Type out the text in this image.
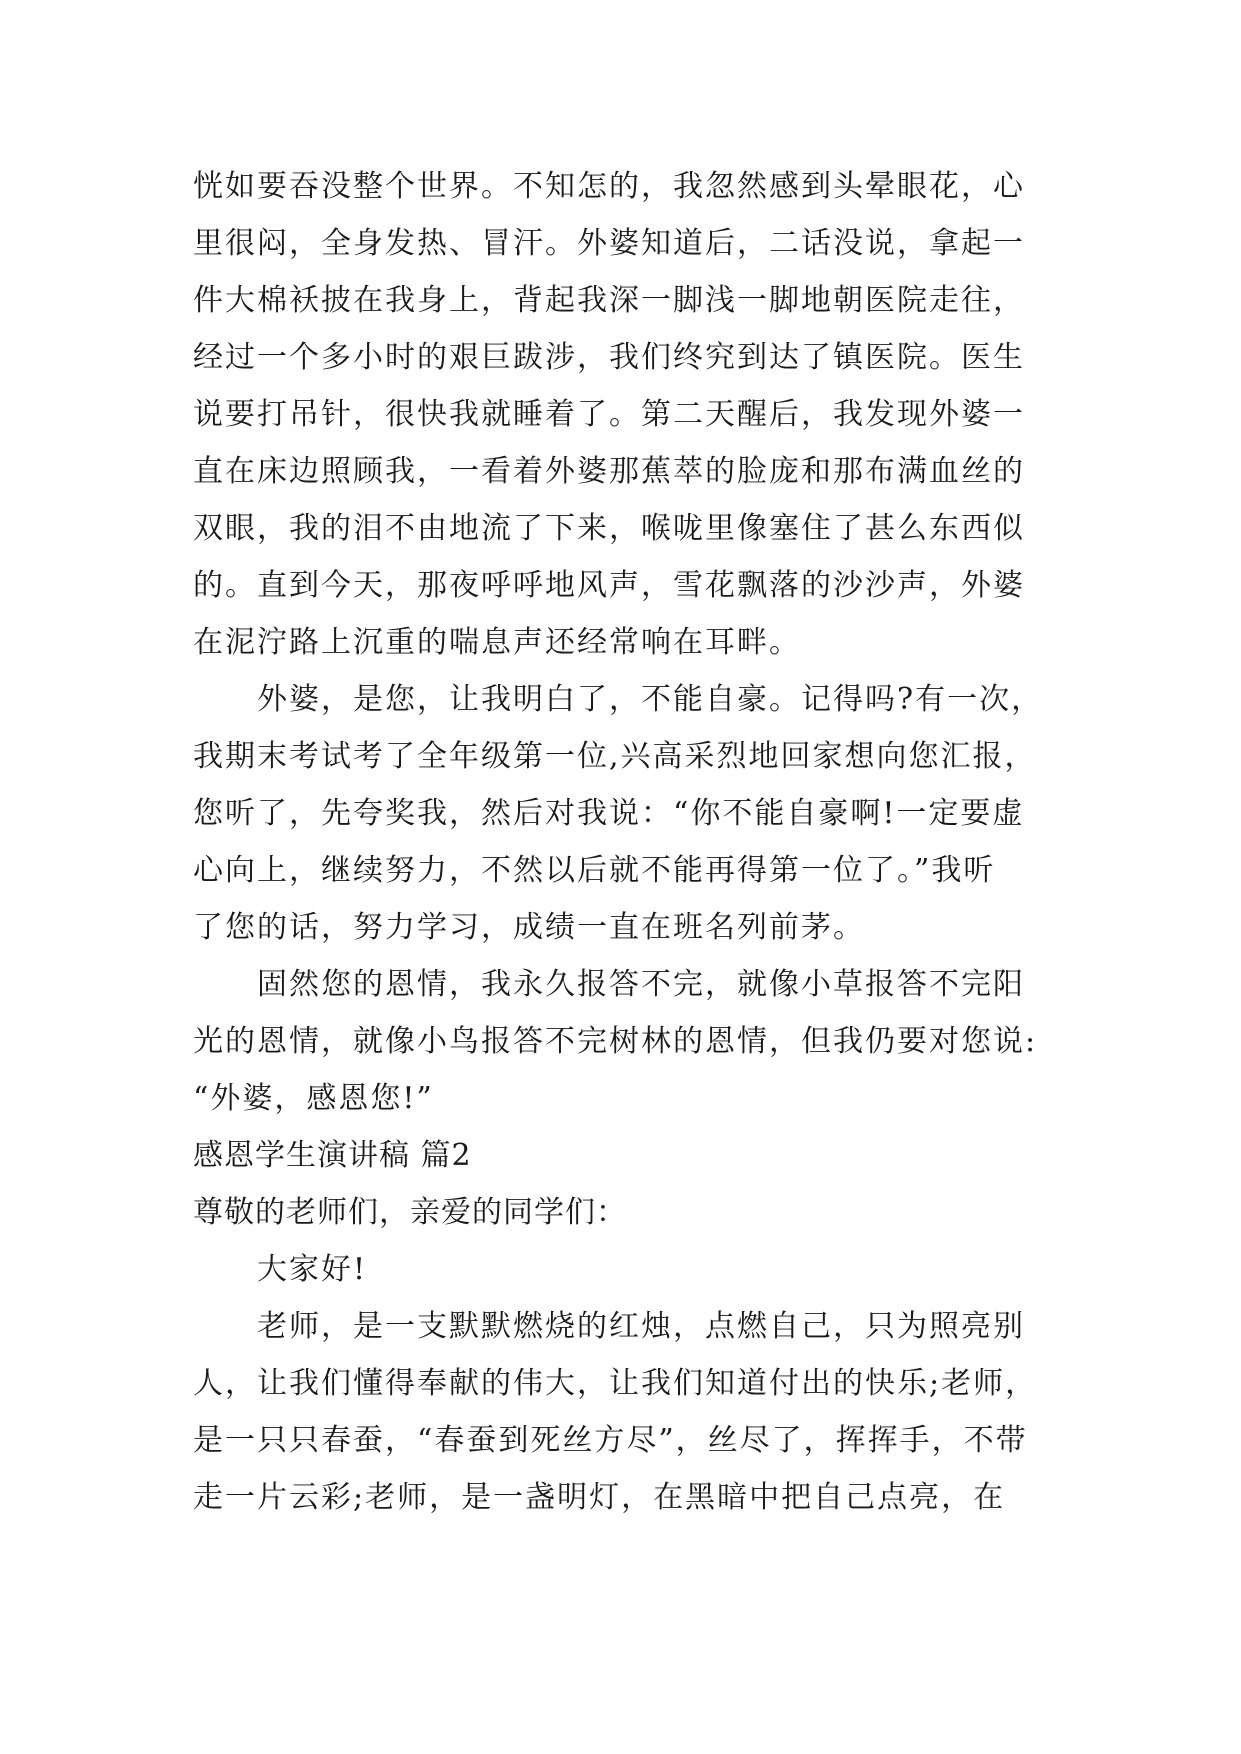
恍如要吞没整个世界。不知怎的，我忽然感到头晕眼花，心
里很闷，全身发热、冒汗。外婆知道后，二话没说，拿起一
件大棉袄披在我身上，背起我深一脚浅一脚地朝医院走往，
经过一个多小时的艰巨跋涉，我们终究到达了镇医院。医生
说要打吊针，很快我就睡着了。第二天醒后，我发现外婆一
直在床边照顾我，一看着外婆那蕉萃的脸庞和那布满血丝的
双眼，我的泪不由地流了下来，喉咙里像塞住了甚么东西似
的。直到今天，那夜呼呼地风声，雪花飘落的沙沙声，外婆
在泥泞路上沉重的喘息声还经常响在耳畔。
外婆，是您，让我明白了，不能自豪。记得吗?有一次，
我期末考试考了全年级第一位,兴高采烈地回家想向您汇报，
您听了，先夸奖我，然后对我说：“你不能自豪啊!一定要虚
心向上，继续努力，不然以后就不能再得第一位了。”我听
了您的话，努力学习，成绩一直在班名列前茅。
固然您的恩情，我永久报答不完，就像小草报答不完阳
光的恩情，就像小鸟报答不完树林的恩情，但我仍要对您说:
“外婆，感恩您!”
感恩学生演讲稿 篇2
尊敬的老师们，亲爱的同学们：
大家好!
老师，是一支默默燃烧的红烛，点燃自己，只为照亮别
人，让我们懂得奉献的伟大，让我们知道付出的快乐;老师，
是一只只春蚕，“春蚕到死丝方尽”，丝尽了，挥挥手，不带
走一片云彩;老师，是一盏明灯，在黑暗中把自己点亮，在
